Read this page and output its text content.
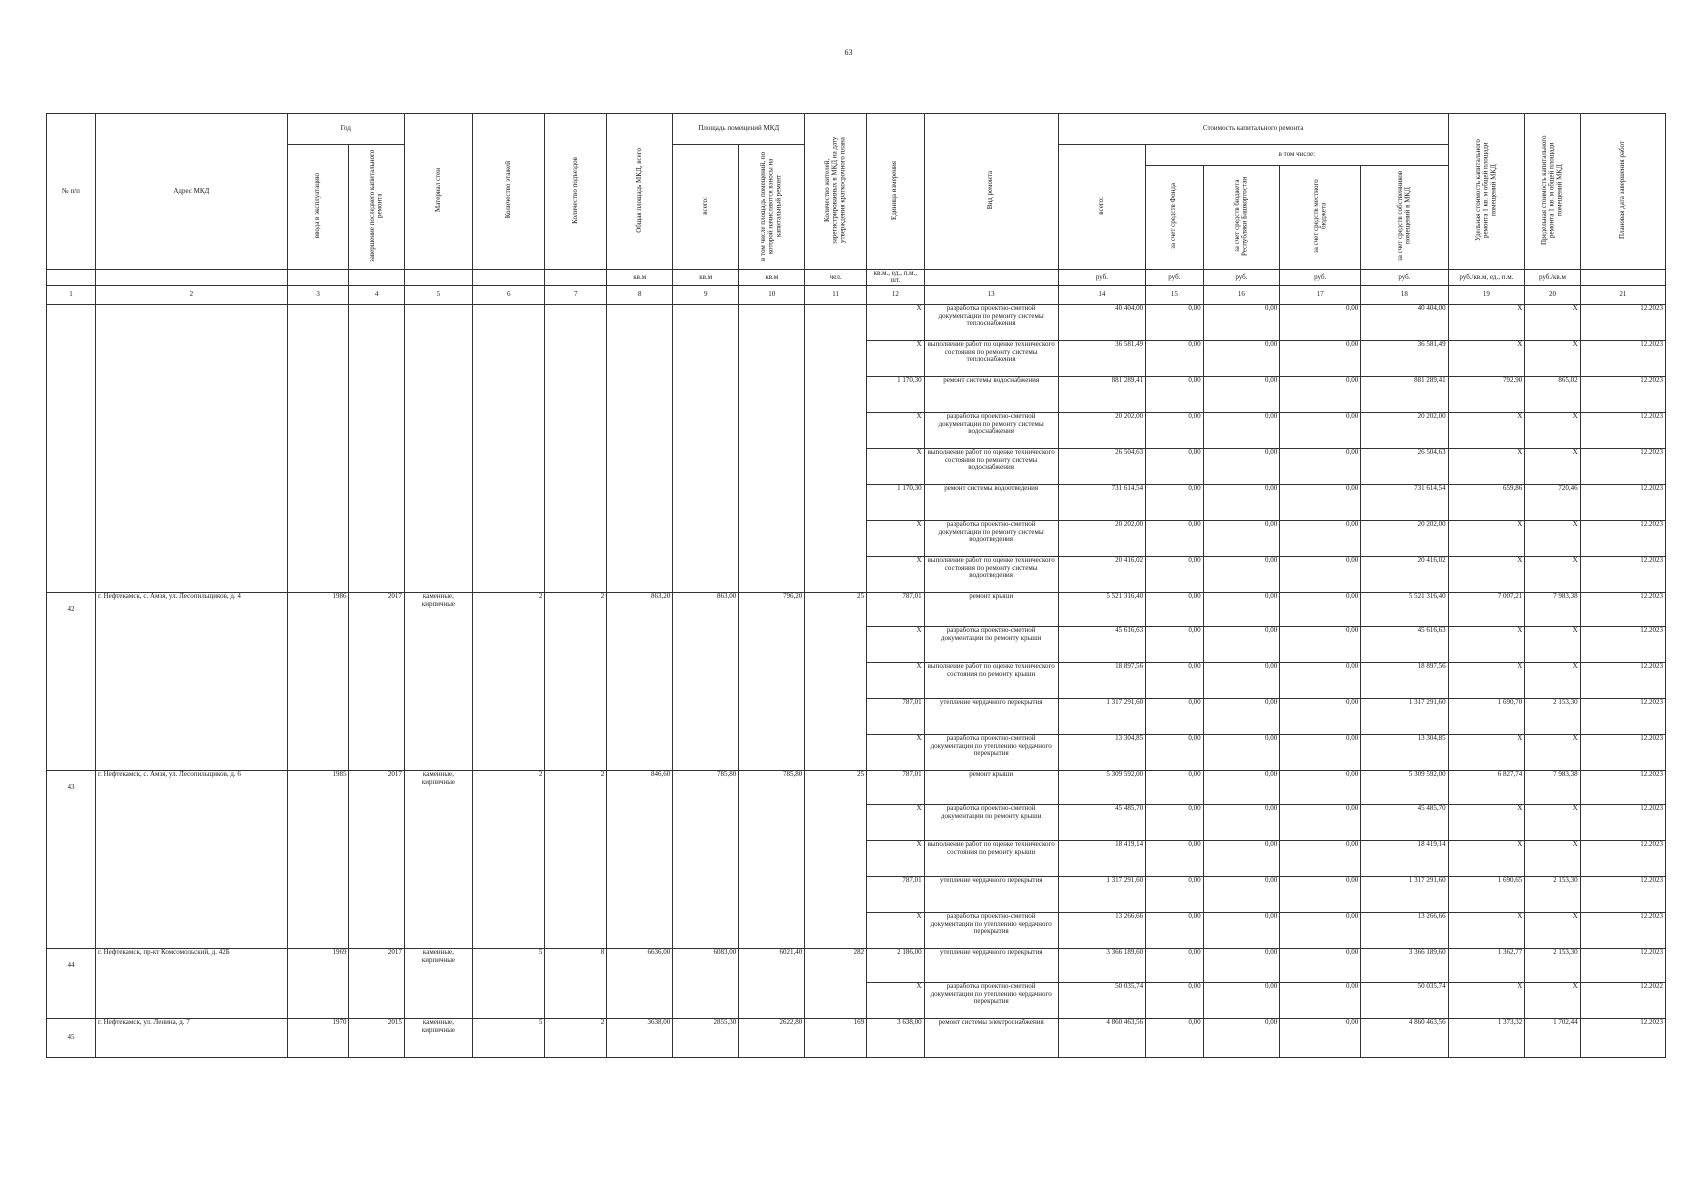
63
№ п/п	Адрес МКД	Год		Материал стен	Количество этажей	Количество подъездов	Общая площадь МКД, всего	Площадь помещений МКД		Количество жителей, зарегистрированных в МКД на дату утверждения краткосрочного плана	Единица измерения	Вид ремонта	Стоимость капитального ремонта					Удельная стоимость капитального ремонта 1 кв. м общей площади помещений МКД	Предельная стоимость капитального ремонта 1 кв. м общей площади помещений МКД	Плановая дата завершения работ
		ввода в эксплуатацию	завершение последнего капитального ремонта					всего:	в том числе площадь помещений, по которой начисляются взносы на капитальный ремонт				всего:	в том числе:						
														за счет средств Фонда	за счет средств бюджета Республики Башкортостан	за счет средств местного бюджета	за счет средств собственников помещений в МКД			
							кв.м	кв.м	кв.м	чел.	кв.м., ед., п.м., шт.		руб.	руб.	руб.	руб.	руб.	руб./кв.м, ед., п.м.	руб./кв.м	
1	2	3	4	5	6	7	8	9	10	11	12	13	14	15	16	17	18	19	20	21
											X	разработка проектно-сметной документации по ремонту системы теплоснабжения	40 404,00	0,00	0,00	0,00	40 404,00	X	X	12.2023
											X	выполнение работ по оценке технического состояния по ремонту системы теплоснабжения	36 581,49	0,00	0,00	0,00	36 581,49	X	X	12.2023
											1 170,30	ремонт системы водоснабжения	881 289,41	0,00	0,00	0,00	881 289,41	792,90	865,02	12.2023
											X	разработка проектно-сметной документации по ремонту системы водоснабжения	20 202,00	0,00	0,00	0,00	20 202,00	X	X	12.2023
											X	выполнение работ по оценке технического состояния по ремонту системы водоснабжения	26 504,63	0,00	0,00	0,00	26 504,63	X	X	12.2023
											1 170,30	ремонт системы водоотведения	731 614,54	0,00	0,00	0,00	731 614,54	659,86	720,46	12.2023
											X	разработка проектно-сметной документации по ремонту системы водоотведения	20 202,00	0,00	0,00	0,00	20 202,00	X	X	12.2023
											X	выполнение работ по оценке технического состояния по ремонту системы водоотведения	20 416,02	0,00	0,00	0,00	20 416,02	X	X	12.2023
42	г. Нефтекамск, с. Амзя, ул. Лесопильщиков, д. 4	1986	2017	каменные, кирпичные	2	2	863,20	863,00	796,20	25	787,01	ремонт крыши	5 521 316,40	0,00	0,00	0,00	5 521 316,40	7 007,21	7 983,38	12.2023
											X	разработка проектно-сметной документации по ремонту крыши	45 616,63	0,00	0,00	0,00	45 616,63	X	X	12.2023
											X	выполнение работ по оценке технического состояния по ремонту крыши	18 897,56	0,00	0,00	0,00	18 897,56	X	X	12.2023
											787,01	утепление чердачного перекрытия	1 317 291,60	0,00	0,00	0,00	1 317 291,60	1 690,70	2 153,30	12.2023
											X	разработка проектно-сметной документации по утеплению чердачного перекрытия	13 304,85	0,00	0,00	0,00	13 304,85	X	X	12.2023
43	г. Нефтекамск, с. Амзя, ул. Лесопильщиков, д. 6	1985	2017	каменные, кирпичные	2	2	846,60	785,80	785,80	25	787,01	ремонт крыши	5 309 592,00	0,00	0,00	0,00	5 309 592,00	6 827,74	7 983,38	12.2023
											X	разработка проектно-сметной документации по ремонту крыши	45 485,70	0,00	0,00	0,00	45 485,70	X	X	12.2023
											X	выполнение работ по оценке технического состояния по ремонту крыши	18 419,14	0,00	0,00	0,00	18 419,14	X	X	12.2023
											787,01	утепление чердачного перекрытия	1 317 291,60	0,00	0,00	0,00	1 317 291,60	1 690,65	2 153,30	12.2023
											X	разработка проектно-сметной документации по утеплению чердачного перекрытия	13 266,66	0,00	0,00	0,00	13 266,66	X	X	12.2023
44	г. Нефтекамск, пр-кт Комсомольский, д. 42Б	1969	2017	каменные, кирпичные	5	8	6636,00	6083,00	6021,40	282	2 186,00	утепление чердачного перекрытия	3 366 189,60	0,00	0,00	0,00	3 366 189,60	1 362,77	2 153,30	12.2023
											X	разработка проектно-сметной документации по утеплению чердачного перекрытия	50 035,74	0,00	0,00	0,00	50 035,74	X	X	12.2022
45	г. Нефтекамск, ул. Ленина, д. 7	1970	2015	каменные, кирпичные	5	2	3638,00	2855,30	2622,80	169	3 638,00	ремонт системы электроснабжения	4 860 463,56	0,00	0,00	0,00	4 860 463,56	1 373,32	1 702,44	12.2023
